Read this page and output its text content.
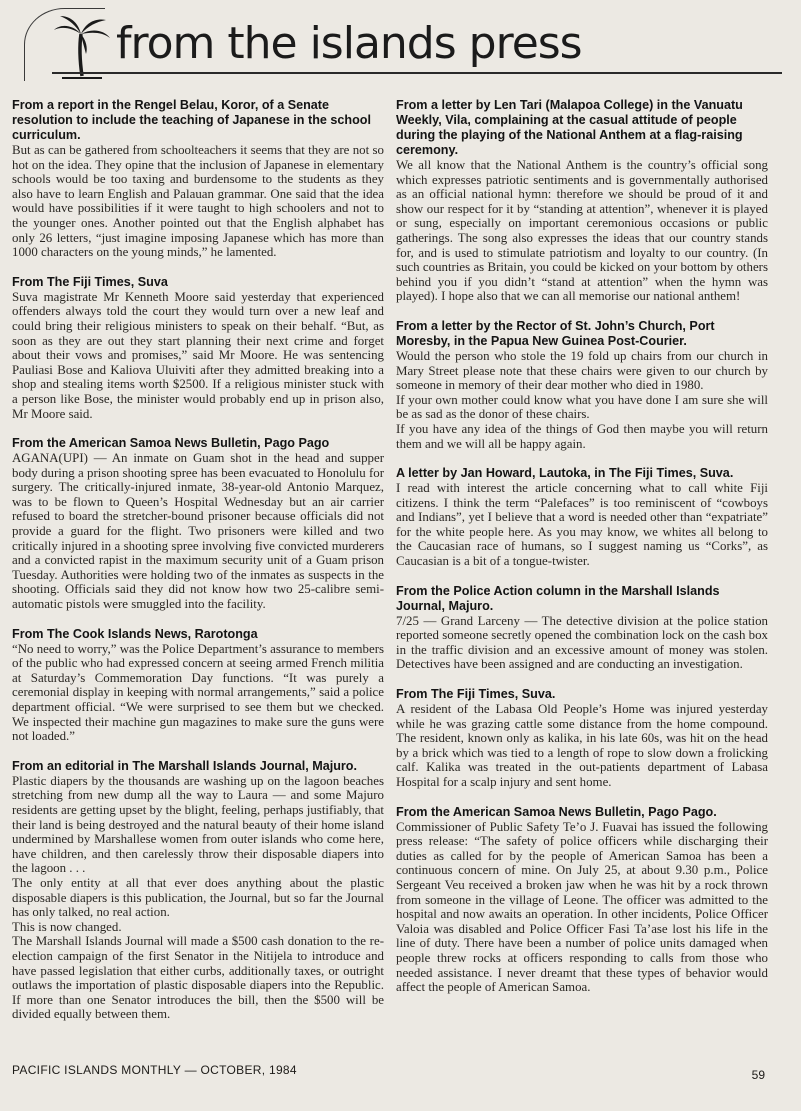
from the islands press

From a report in the Rengel Belau, Koror, of a Senate resolution to include the teaching of Japanese in the school curriculum.

But as can be gathered from schoolteachers it seems that they are not so hot on the idea. They opine that the inclusion of Japanese in elementary schools would be too taxing and burdensome to the students as they also have to learn English and Palauan grammar. One said that the idea would have possibilities if it were taught to high schoolers and not to the younger ones. Another pointed out that the English alphabet has only 26 letters, “just imagine imposing Japanese which has more than 1000 characters on the young minds,” he lamented.

From The Fiji Times, Suva

Suva magistrate Mr Kenneth Moore said yesterday that experienced offenders always told the court they would turn over a new leaf and could bring their religious ministers to speak on their behalf. “But, as soon as they are out they start planning their next crime and forget about their vows and promises,” said Mr Moore. He was sentencing Pauliasi Bose and Kaliova Uluiviti after they admitted breaking into a shop and stealing items worth $2500. If a religious minister stuck with a person like Bose, the minister would probably end up in prison also, Mr Moore said.

From the American Samoa News Bulletin, Pago Pago

AGANA(UPI) — An inmate on Guam shot in the head and supper body during a prison shooting spree has been evacuated to Honolulu for surgery. The critically-injured inmate, 38-year-old Antonio Marquez, was to be flown to Queen’s Hospital Wednesday but an air carrier refused to board the stretcher-bound prisoner because officials did not provide a guard for the flight. Two prisoners were killed and two critically injured in a shooting spree involving five convicted murderers and a convicted rapist in the maximum security unit of a Guam prison Tuesday. Authorities were holding two of the inmates as suspects in the shooting. Officials said they did not know how two 25-calibre semi-automatic pistols were smuggled into the facility.

From The Cook Islands News, Rarotonga

“No need to worry,” was the Police Department’s assurance to members of the public who had expressed concern at seeing armed French militia at Saturday’s Commemoration Day functions. “It was purely a ceremonial display in keeping with normal arrangements,” said a police department official. “We were surprised to see them but we checked. We inspected their machine gun magazines to make sure the guns were not loaded.”

From an editorial in The Marshall Islands Journal, Majuro.

Plastic diapers by the thousands are washing up on the lagoon beaches stretching from new dump all the way to Laura — and some Majuro residents are getting upset by the blight, feeling, perhaps justifiably, that their land is being destroyed and the natural beauty of their home island undermined by Marshallese women from outer islands who come here, have children, and then carelessly throw their disposable diapers into the lagoon . . .

The only entity at all that ever does anything about the plastic disposable diapers is this publication, the Journal, but so far the Journal has only talked, no real action.

This is now changed.

The Marshall Islands Journal will made a $500 cash donation to the re-election campaign of the first Senator in the Nitijela to introduce and have passed legislation that either curbs, additionally taxes, or outright outlaws the importation of plastic disposable diapers into the Republic. If more than one Senator introduces the bill, then the $500 will be divided equally between them.

From a letter by Len Tari (Malapoa College) in the Vanuatu Weekly, Vila, complaining at the casual attitude of people during the playing of the National Anthem at a flag-raising ceremony.

We all know that the National Anthem is the country’s official song which expresses patriotic sentiments and is governmentally authorised as an official national hymn: therefore we should be proud of it and show our respect for it by “standing at attention”, whenever it is played or sung, especially on important ceremonious occasions or public gatherings. The song also expresses the ideas that our country stands for, and is used to stimulate patriotism and loyalty to our country. (In such countries as Britain, you could be kicked on your bottom by others behind you if you didn’t “stand at attention” when the hymn was played). I hope also that we can all memorise our national anthem!

From a letter by the Rector of St. John’s Church, Port Moresby, in the Papua New Guinea Post-Courier.

Would the person who stole the 19 fold up chairs from our church in Mary Street please note that these chairs were given to our church by someone in memory of their dear mother who died in 1980.

If your own mother could know what you have done I am sure she will be as sad as the donor of these chairs.

If you have any idea of the things of God then maybe you will return them and we will all be happy again.

A letter by Jan Howard, Lautoka, in The Fiji Times, Suva.

I read with interest the article concerning what to call white Fiji citizens. I think the term “Palefaces” is too reminiscent of “cowboys and Indians”, yet I believe that a word is needed other than “expatriate” for the white people here. As you may know, we whites all belong to the Caucasian race of humans, so I suggest naming us “Corks”, as Caucasian is a bit of a tongue-twister.

From the Police Action column in the Marshall Islands Journal, Majuro.

7/25 — Grand Larceny — The detective division at the police station reported someone secretly opened the combination lock on the cash box in the traffic division and an excessive amount of money was stolen. Detectives have been assigned and are conducting an investigation.

From The Fiji Times, Suva.

A resident of the Labasa Old People’s Home was injured yesterday while he was grazing cattle some distance from the home compound. The resident, known only as kalika, in his late 60s, was hit on the head by a brick which was tied to a length of rope to slow down a frolicking calf. Kalika was treated in the out-patients department of Labasa Hospital for a scalp injury and sent home.

From the American Samoa News Bulletin, Pago Pago.

Commissioner of Public Safety Te’o J. Fuavai has issued the following press release: “The safety of police officers while discharging their duties as called for by the people of American Samoa has been a continuous concern of mine. On July 25, at about 9.30 p.m., Police Sergeant Veu received a broken jaw when he was hit by a rock thrown from someone in the village of Leone. The officer was admitted to the hospital and now awaits an operation. In other incidents, Police Officer Valoia was disabled and Police Officer Fasi Ta’ase lost his life in the line of duty. There have been a number of police units damaged when people threw rocks at officers responding to calls from those who needed assistance. I never dreamt that these types of behavior would affect the people of American Samoa.

PACIFIC ISLANDS MONTHLY — OCTOBER, 1984	59
